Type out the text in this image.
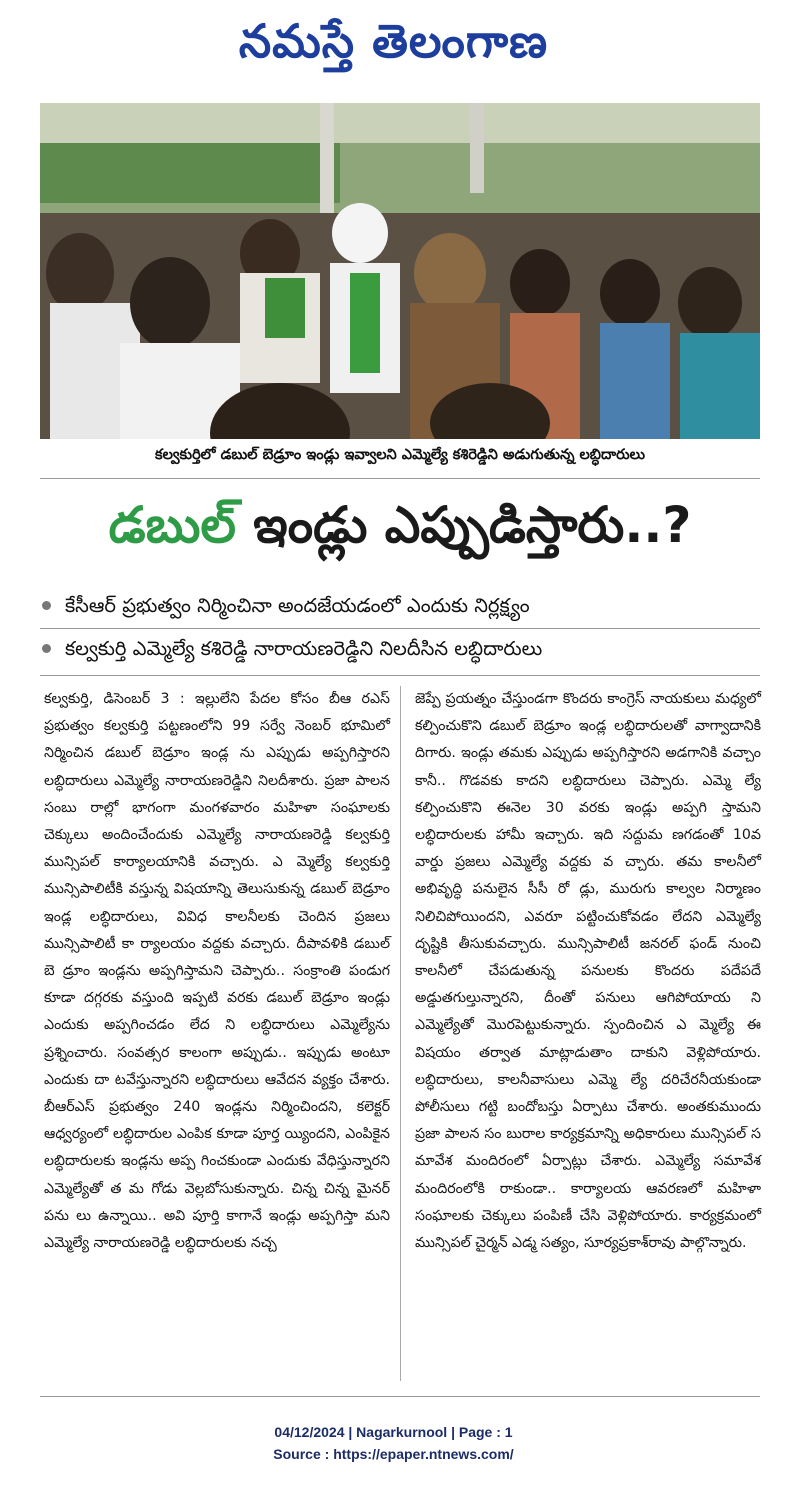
నమస్తే తెలంగాణ
కల్వకుర్తిలో డబుల్ బెడ్రూం ఇండ్లు ఇవ్వాలని ఎమ్మెల్యే కశిరెడ్డిని అడుగుతున్న లబ్ధిదారులు
డబుల్ ఇండ్లు ఎప్పుడిస్తారు..?
కేసీఆర్ ప్రభుత్వం నిర్మించినా అందజేయడంలో ఎందుకు నిర్లక్ష్యం
కల్వకుర్తి ఎమ్మెల్యే కశిరెడ్డి నారాయణరెడ్డిని నిలదీసిన లబ్ధిదారులు

కల్వకుర్తి, డిసెంబర్ 3 : ఇల్లులేని పేదల కోసం బీఆ రఎస్ ప్రభుత్వం కల్వకుర్తి పట్టణంలోని 99 సర్వే నెంబర్ భూమిలో నిర్మించిన డబుల్ బెడ్రూం ఇండ్ల ను ఎప్పుడు అప్పగిస్తారని లబ్ధిదారులు ఎమ్మెల్యే నారాయణరెడ్డిని నిలదీశారు. ప్రజా పాలన సంబు రాల్లో భాగంగా మంగళవారం మహిళా సంఘాలకు చెక్కులు అందించేందుకు ఎమ్మెల్యే నారాయణరెడ్డి కల్వకుర్తి మున్సిపల్ కార్యాలయానికి వచ్చారు. ఎ మ్మెల్యే కల్వకుర్తి మున్సిపాలిటీకి వస్తున్న విషయాన్ని తెలుసుకున్న డబుల్ బెడ్రూం ఇండ్ల లబ్ధిదారులు, వివిధ కాలనీలకు చెందిన ప్రజలు మున్సిపాలిటీ కా ర్యాలయం వద్దకు వచ్చారు. దీపావళికి డబుల్ బె డ్రూం ఇండ్లను అప్పగిస్తామని చెప్పారు.. సంక్రాంతి పండుగ కూడా దగ్గరకు వస్తుంది ఇప్పటి వరకు డబుల్ బెడ్రూం ఇండ్లు ఎందుకు అప్పగించడం లేద ని లబ్ధిదారులు ఎమ్మెల్యేను ప్రశ్నించారు. సంవత్సర కాలంగా అప్పుడు.. ఇప్పుడు అంటూ ఎందుకు దా టవేస్తున్నారని లబ్ధిదారులు ఆవేదన వ్యక్తం చేశారు. బీఆర్ఎస్ ప్రభుత్వం 240 ఇండ్లను నిర్మించిందని, కలెక్టర్ ఆధ్వర్యంలో లబ్ధిదారుల ఎంపిక కూడా పూర్త య్యిందని, ఎంపికైన లబ్ధిదారులకు ఇండ్లను అప్ప గించకుండా ఎందుకు వేధిస్తున్నారని ఎమ్మెల్యేతో త మ గోడు వెల్లబోసుకున్నారు. చిన్న చిన్న మైనర్ పను లు ఉన్నాయి.. అవి పూర్తి కాగానే ఇండ్లు అప్పగిస్తా మని ఎమ్మెల్యే నారాయణరెడ్డి లబ్ధిదారులకు నచ్చ

జెప్పే ప్రయత్నం చేస్తుండగా కొందరు కాంగ్రెస్ నాయకులు మధ్యలో కల్పించుకొని డబుల్ బెడ్రూం ఇండ్ల లబ్ధిదారులతో వాగ్వాదానికి దిగారు. ఇండ్లు తమకు ఎప్పుడు అప్పగిస్తారని అడగానికి వచ్చాం కానీ.. గొడవకు కాదని లబ్ధిదారులు చెప్పారు. ఎమ్మె ల్యే కల్పించుకొని ఈనెల 30 వరకు ఇండ్లు అప్పగి స్తామని లబ్ధిదారులకు హామీ ఇచ్చారు. ఇది సద్దుమ ణగడంతో 10వ వార్డు ప్రజలు ఎమ్మెల్యే వద్దకు వ చ్చారు. తమ కాలనీలో అభివృద్ధి పనులైన సీసీ రో డ్లు, మురుగు కాల్వల నిర్మాణం నిలిచిపోయిందని, ఎవరూ పట్టించుకోవడం లేదని ఎమ్మెల్యే దృష్టికి తీసుకువచ్చారు. మున్సిపాలిటీ జనరల్ ఫండ్ నుంచి కాలనీలో చేపడుతున్న పనులకు కొందరు పదేపదే అడ్డుతగుల్తున్నారని, దీంతో పనులు ఆగిపోయాయ ని ఎమ్మెల్యేతో మొరపెట్టుకున్నారు. స్పందించిన ఎ మ్మెల్యే ఈ విషయం తర్వాత మాట్లాడుతాం దాకుని వెళ్లిపోయారు. లబ్ధిదారులు, కాలనీవాసులు ఎమ్మె ల్యే దరిచేరనీయకుండా పోలీసులు గట్టి బందోబస్తు ఏర్పాటు చేశారు. అంతకుముందు ప్రజా పాలన సం బురాల కార్యక్రమాన్ని అధికారులు మున్సిపల్ స మావేశ మందిరంలో ఏర్పాట్లు చేశారు. ఎమ్మెల్యే సమావేశ మందిరంలోకి రాకుండా.. కార్యాలయ ఆవరణలో మహిళా సంఘాలకు చెక్కులు పంపిణీ చేసి వెళ్లిపోయారు. కార్యక్రమంలో మున్సిపల్ చైర్మన్ ఎడ్మ సత్యం, సూర్యప్రకాశ్‌రావు పాల్గొన్నారు.

04/12/2024 | Nagarkurnool | Page : 1
Source : https://epaper.ntnews.com/
